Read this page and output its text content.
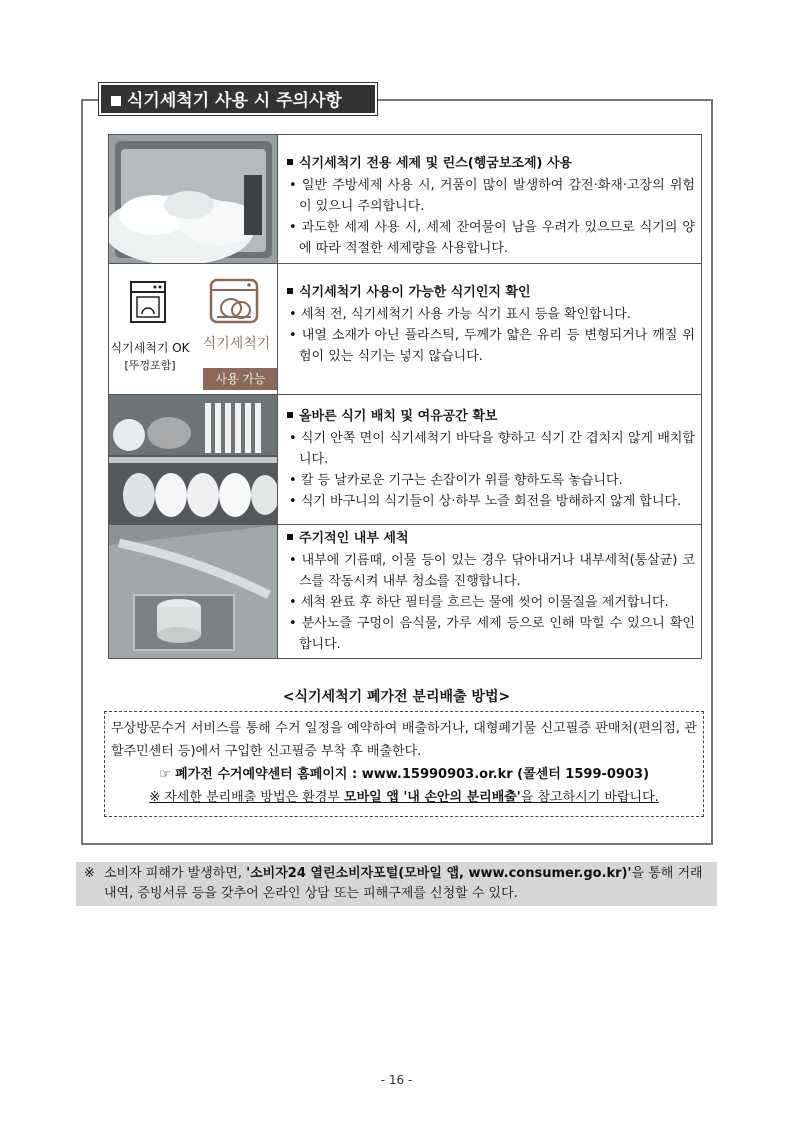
식기세척기 사용 시 주의사항
식기세척기 전용 세제 및 린스(헹굼보조제) 사용
• 일반 주방세제 사용 시, 거품이 많이 발생하여 감전·화재·고장의 위험이 있으니 주의합니다.
• 과도한 세제 사용 시, 세제 잔여물이 남을 우려가 있으므로 식기의 양에 따라 적절한 세제량을 사용합니다.
식기세척기 OK
[뚜껑포함]
식기세척기
사용 가능
식기세척기 사용이 가능한 식기인지 확인
• 세척 전, 식기세척기 사용 가능 식기 표시 등을 확인합니다.
• 내열 소재가 아닌 플라스틱, 두께가 얇은 유리 등 변형되거나 깨질 위험이 있는 식기는 넣지 않습니다.
올바른 식기 배치 및 여유공간 확보
• 식기 안쪽 면이 식기세척기 바닥을 향하고 식기 간 겹치지 않게 배치합니다.
• 칼 등 날카로운 기구는 손잡이가 위를 향하도록 놓습니다.
• 식기 바구니의 식기들이 상·하부 노즐 회전을 방해하지 않게 합니다.
주기적인 내부 세척
• 내부에 기름때, 이물 등이 있는 경우 닦아내거나 내부세척(통살균) 코스를 작동시켜 내부 청소를 진행합니다.
• 세척 완료 후 하단 필터를 흐르는 물에 씻어 이물질을 제거합니다.
• 분사노즐 구멍이 음식물, 가루 세제 등으로 인해 막힐 수 있으니 확인합니다.
<식기세척기 폐가전 분리배출 방법>

무상방문수거 서비스를 통해 수거 일정을 예약하여 배출하거나, 대형폐기물 신고필증 판매처(편의점, 관할주민센터 등)에서 구입한 신고필증 부착 후 배출한다.

☞ 폐가전 수거예약센터 홈페이지 : www.15990903.or.kr (콜센터 1599-0903)

※ 자세한 분리배출 방법은 환경부 모바일 앱 '내 손안의 분리배출'을 참고하시기 바랍니다.

※ 소비자 피해가 발생하면, '소비자24 열린소비자포털(모바일 앱, www.consumer.go.kr)'을 통해 거래내역, 증빙서류 등을 갖추어 온라인 상담 또는 피해구제를 신청할 수 있다.
- 16 -
